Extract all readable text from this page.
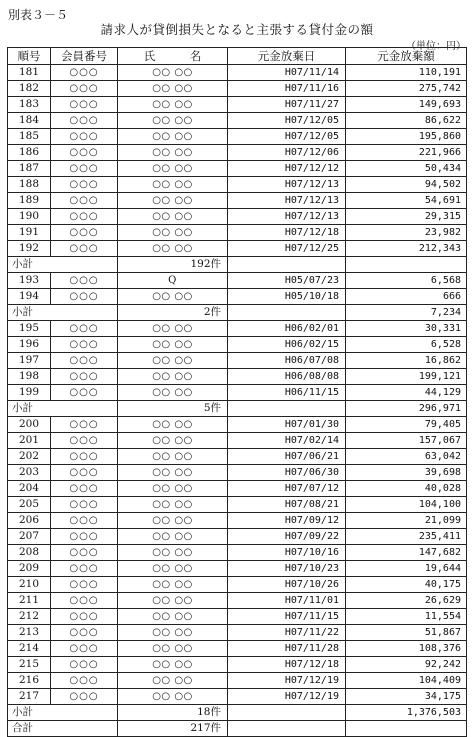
別表３－５
請求人が貸倒損失となると主張する貸付金の額
（単位：円）
順号	会員番号	氏　　　名	元金放棄日	元金放棄額
181	○○○	○○ ○○	H07/11/14	110,191
182	○○○	○○ ○○	H07/11/16	275,742
183	○○○	○○ ○○	H07/11/27	149,693
184	○○○	○○ ○○	H07/12/05	86,622
185	○○○	○○ ○○	H07/12/05	195,860
186	○○○	○○ ○○	H07/12/06	221,966
187	○○○	○○ ○○	H07/12/12	50,434
188	○○○	○○ ○○	H07/12/13	94,502
189	○○○	○○ ○○	H07/12/13	54,691
190	○○○	○○ ○○	H07/12/13	29,315
191	○○○	○○ ○○	H07/12/18	23,982
192	○○○	○○ ○○	H07/12/25	212,343
小計		192件		
193	○○○	Q	H05/07/23	6,568
194	○○○	○○ ○○	H05/10/18	666
小計		2件		7,234
195	○○○	○○ ○○	H06/02/01	30,331
196	○○○	○○ ○○	H06/02/15	6,528
197	○○○	○○ ○○	H06/07/08	16,862
198	○○○	○○ ○○	H06/08/08	199,121
199	○○○	○○ ○○	H06/11/15	44,129
小計		5件		296,971
200	○○○	○○ ○○	H07/01/30	79,405
201	○○○	○○ ○○	H07/02/14	157,067
202	○○○	○○ ○○	H07/06/21	63,042
203	○○○	○○ ○○	H07/06/30	39,698
204	○○○	○○ ○○	H07/07/12	40,028
205	○○○	○○ ○○	H07/08/21	104,100
206	○○○	○○ ○○	H07/09/12	21,099
207	○○○	○○ ○○	H07/09/22	235,411
208	○○○	○○ ○○	H07/10/16	147,682
209	○○○	○○ ○○	H07/10/23	19,644
210	○○○	○○ ○○	H07/10/26	40,175
211	○○○	○○ ○○	H07/11/01	26,629
212	○○○	○○ ○○	H07/11/15	11,554
213	○○○	○○ ○○	H07/11/22	51,867
214	○○○	○○ ○○	H07/11/28	108,376
215	○○○	○○ ○○	H07/12/18	92,242
216	○○○	○○ ○○	H07/12/19	104,409
217	○○○	○○ ○○	H07/12/19	34,175
小計		18件		1,376,503
合計		217件		
